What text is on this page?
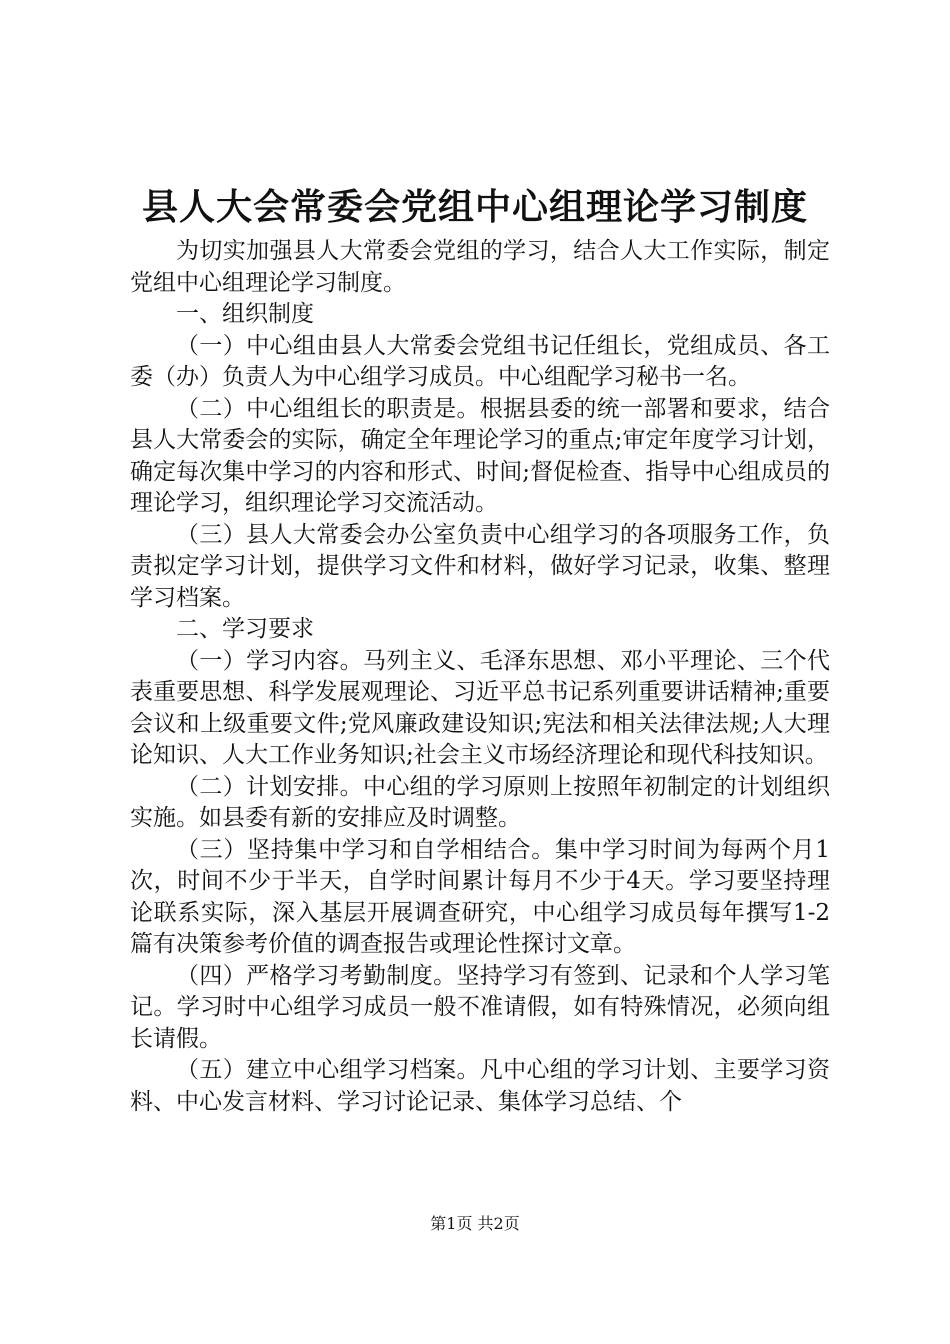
县人大会常委会党组中心组理论学习制度

为切实加强县人大常委会党组的学习，结合人大工作实际，制定党组中心组理论学习制度。

一、组织制度

（一）中心组由县人大常委会党组书记任组长，党组成员、各工委（办）负责人为中心组学习成员。中心组配学习秘书一名。

（二）中心组组长的职责是。根据县委的统一部署和要求，结合县人大常委会的实际，确定全年理论学习的重点;审定年度学习计划，确定每次集中学习的内容和形式、时间;督促检查、指导中心组成员的理论学习，组织理论学习交流活动。

（三）县人大常委会办公室负责中心组学习的各项服务工作，负责拟定学习计划，提供学习文件和材料，做好学习记录，收集、整理学习档案。

二、学习要求

（一）学习内容。马列主义、毛泽东思想、邓小平理论、三个代表重要思想、科学发展观理论、习近平总书记系列重要讲话精神;重要会议和上级重要文件;党风廉政建设知识;宪法和相关法律法规;人大理论知识、人大工作业务知识;社会主义市场经济理论和现代科技知识。

（二）计划安排。中心组的学习原则上按照年初制定的计划组织实施。如县委有新的安排应及时调整。

（三）坚持集中学习和自学相结合。集中学习时间为每两个月1次，时间不少于半天，自学时间累计每月不少于4天。学习要坚持理论联系实际，深入基层开展调查研究，中心组学习成员每年撰写1-2篇有决策参考价值的调查报告或理论性探讨文章。

（四）严格学习考勤制度。坚持学习有签到、记录和个人学习笔记。学习时中心组学习成员一般不准请假，如有特殊情况，必须向组长请假。

（五）建立中心组学习档案。凡中心组的学习计划、主要学习资料、中心发言材料、学习讨论记录、集体学习总结、个

第1页 共2页
